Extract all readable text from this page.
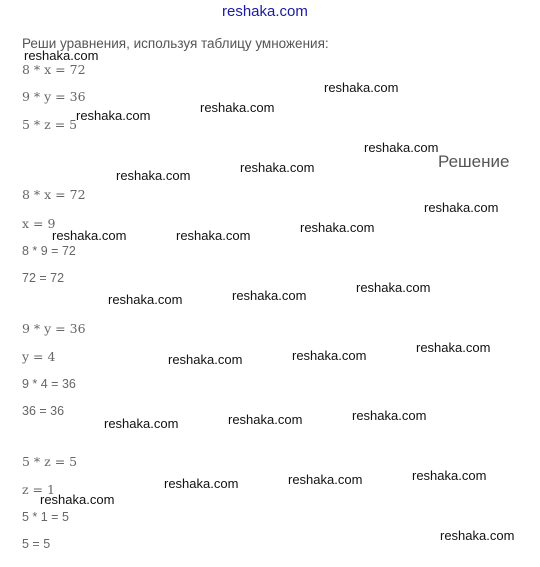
reshaka.com
Реши уравнения, используя таблицу умножения:
8 * x = 72
9 * y = 36
5 * z = 5
Решение
8 * x = 72
x = 9
8 * 9 = 72
72 = 72
9 * y = 36
y = 4
9 * 4 = 36
36 = 36
5 * z = 5
z = 1
5 * 1 = 5
5 = 5
reshaka.com
reshaka.com
reshaka.com
reshaka.com
reshaka.com
reshaka.com
reshaka.com
reshaka.com
reshaka.com
reshaka.com	reshaka.com
reshaka.com
reshaka.com
reshaka.com
reshaka.com
reshaka.com
reshaka.com
reshaka.com
reshaka.com
reshaka.com
reshaka.com
reshaka.com
reshaka.com
reshaka.com
reshaka.com
